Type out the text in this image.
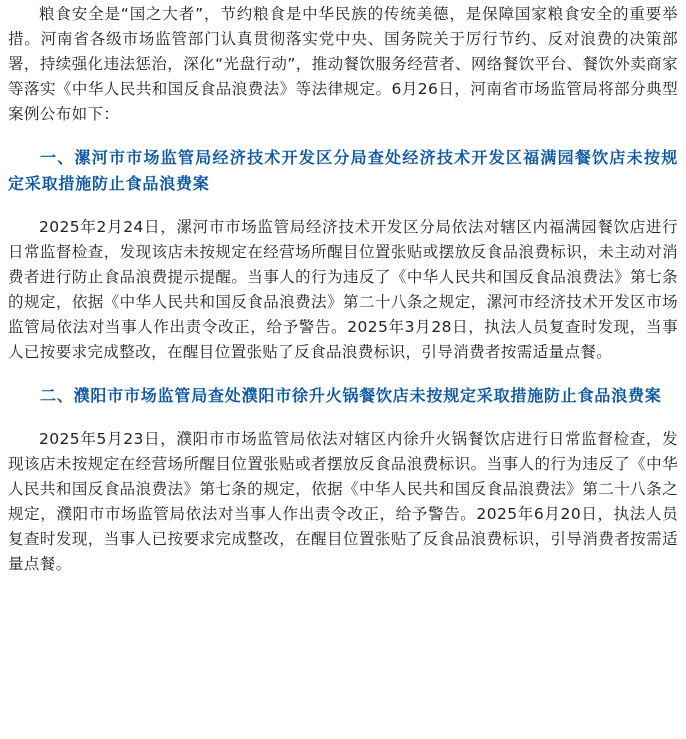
粮食安全是“国之大者”，节约粮食是中华民族的传统美德，是保障国家粮食安全的重要举措。河南省各级市场监管部门认真贯彻落实党中央、国务院关于厉行节约、反对浪费的决策部署，持续强化违法惩治，深化“光盘行动”，推动餐饮服务经营者、网络餐饮平台、餐饮外卖商家等落实《中华人民共和国反食品浪费法》等法律规定。6月26日，河南省市场监管局将部分典型案例公布如下：

一、漯河市市场监管局经济技术开发区分局查处经济技术开发区福满园餐饮店未按规定采取措施防止食品浪费案

2025年2月24日，漯河市市场监管局经济技术开发区分局依法对辖区内福满园餐饮店进行日常监督检查，发现该店未按规定在经营场所醒目位置张贴或摆放反食品浪费标识，未主动对消费者进行防止食品浪费提示提醒。当事人的行为违反了《中华人民共和国反食品浪费法》第七条的规定，依据《中华人民共和国反食品浪费法》第二十八条之规定，漯河市经济技术开发区市场监管局依法对当事人作出责令改正，给予警告。2025年3月28日，执法人员复查时发现，当事人已按要求完成整改，在醒目位置张贴了反食品浪费标识，引导消费者按需适量点餐。

二、濮阳市市场监管局查处濮阳市徐升火锅餐饮店未按规定采取措施防止食品浪费案

2025年5月23日，濮阳市市场监管局依法对辖区内徐升火锅餐饮店进行日常监督检查，发现该店未按规定在经营场所醒目位置张贴或者摆放反食品浪费标识。当事人的行为违反了《中华人民共和国反食品浪费法》第七条的规定，依据《中华人民共和国反食品浪费法》第二十八条之规定，濮阳市市场监管局依法对当事人作出责令改正，给予警告。2025年6月20日，执法人员复查时发现，当事人已按要求完成整改，在醒目位置张贴了反食品浪费标识，引导消费者按需适量点餐。
